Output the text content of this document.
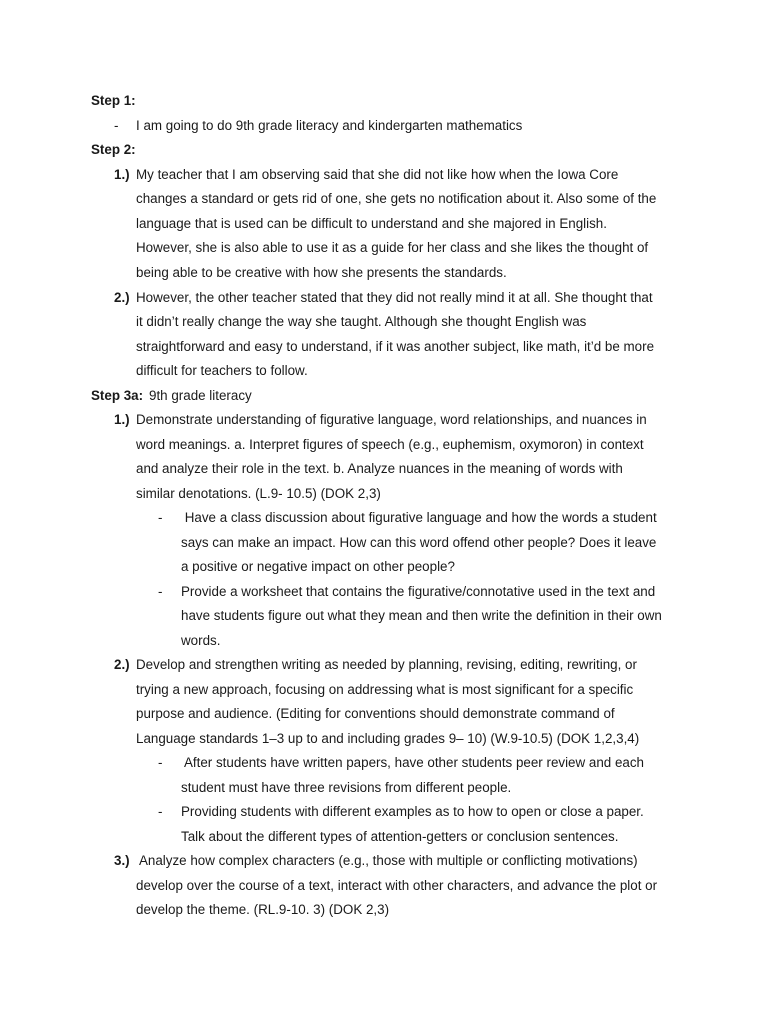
Step 1:
- I am going to do 9th grade literacy and kindergarten mathematics
Step 2:
1.) My teacher that I am observing said that she did not like how when the Iowa Core
changes a standard or gets rid of one, she gets no notification about it. Also some of the
language that is used can be difficult to understand and she majored in English.
However, she is also able to use it as a guide for her class and she likes the thought of
being able to be creative with how she presents the standards.
2.) However, the other teacher stated that they did not really mind it at all. She thought that
it didn’t really change the way she taught. Although she thought English was
straightforward and easy to understand, if it was another subject, like math, it’d be more
difficult for teachers to follow.
Step 3a: 9th grade literacy
1.) Demonstrate understanding of figurative language, word relationships, and nuances in
word meanings. a. Interpret figures of speech (e.g., euphemism, oxymoron) in context
and analyze their role in the text. b. Analyze nuances in the meaning of words with
similar denotations. (L.9- 10.5) (DOK 2,3)
- Have a class discussion about figurative language and how the words a student
says can make an impact. How can this word offend other people? Does it leave
a positive or negative impact on other people?
- Provide a worksheet that contains the figurative/connotative used in the text and
have students figure out what they mean and then write the definition in their own
words.
2.) Develop and strengthen writing as needed by planning, revising, editing, rewriting, or
trying a new approach, focusing on addressing what is most significant for a specific
purpose and audience. (Editing for conventions should demonstrate command of
Language standards 1–3 up to and including grades 9– 10) (W.9-10.5) (DOK 1,2,3,4)
- After students have written papers, have other students peer review and each
student must have three revisions from different people.
- Providing students with different examples as to how to open or close a paper.
Talk about the different types of attention-getters or conclusion sentences.
3.) Analyze how complex characters (e.g., those with multiple or conflicting motivations)
develop over the course of a text, interact with other characters, and advance the plot or
develop the theme. (RL.9-10. 3) (DOK 2,3)
